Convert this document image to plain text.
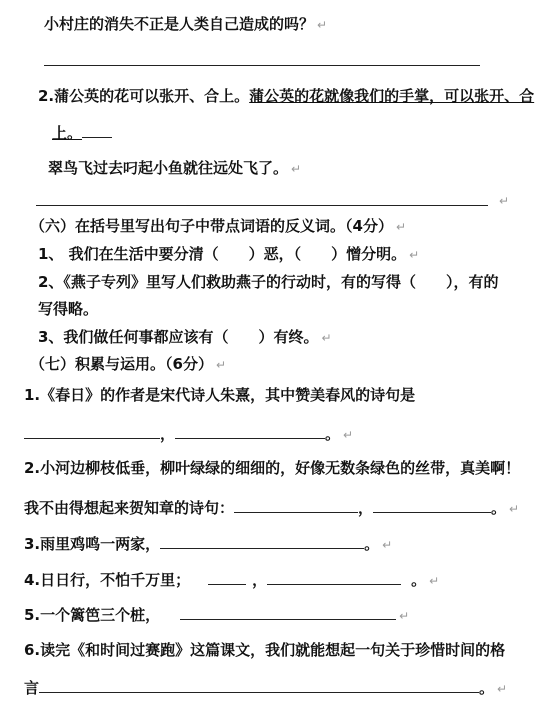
小村庄的消失不正是人类自己造成的吗？ ↵
2.蒲公英的花可以张开、合上。蒲公英的花就像我们的手掌，可以张开、合
上。
翠鸟飞过去叼起小鱼就往远处飞了。 ↵
↵
（六）在括号里写出句子中带点词语的反义词。（4分） ↵
1、 我们在生活中要分清（　　）恶，（　　）憎分明。 ↵
2、《燕子专列》里写人们救助燕子的行动时，有的写得（　　），有的
写得略。
3、我们做任何事都应该有（　　）有终。 ↵
（七）积累与运用。（6分） ↵
1.《春日》的作者是宋代诗人朱熹，其中赞美春风的诗句是
，	。 ↵
2.小河边柳枝低垂，柳叶绿绿的细细的，好像无数条绿色的丝带，真美啊！
我不由得想起来贺知章的诗句：	，	。 ↵
3.雨里鸡鸣一两家，	。 ↵
4.日日行，不怕千万里；	，	。 ↵
5.一个篱笆三个桩，	↵
6.读完《和时间过赛跑》这篇课文，我们就能想起一句关于珍惜时间的格
言	。 ↵
